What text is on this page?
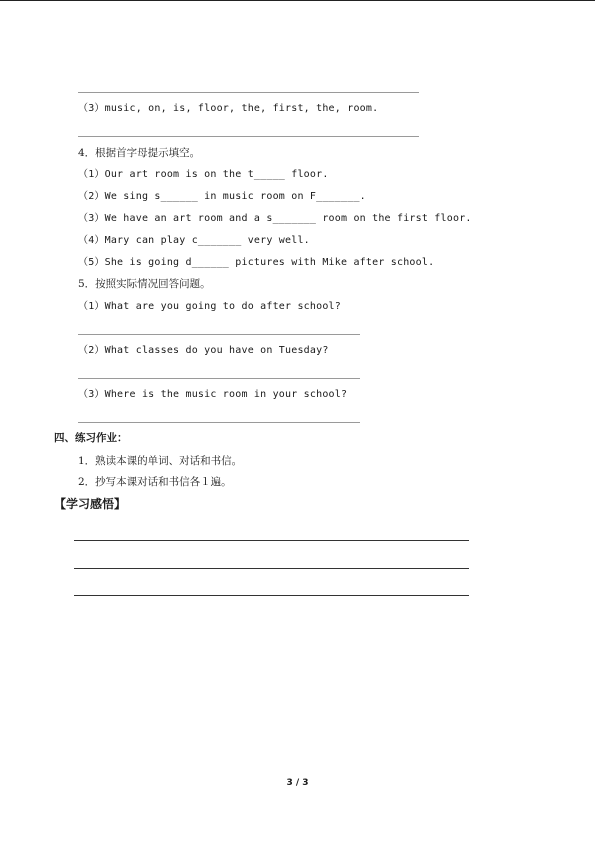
（3）music, on, is, floor, the, first, the, room.
4．根据首字母提示填空。
（1）Our art room is on the t_____ floor.
（2）We sing s______ in music room on F_______.
（3）We have an art room and a s_______ room on the first floor.
（4）Mary can play c_______ very well.
（5）She is going d______ pictures with Mike after school.
5．按照实际情况回答问题。
（1）What are you going to do after school?
（2）What classes do you have on Tuesday?
（3）Where is the music room in your school?
四、练习作业：
1．熟读本课的单词、对话和书信。
2．抄写本课对话和书信各１遍。
【学习感悟】
3 / 3
